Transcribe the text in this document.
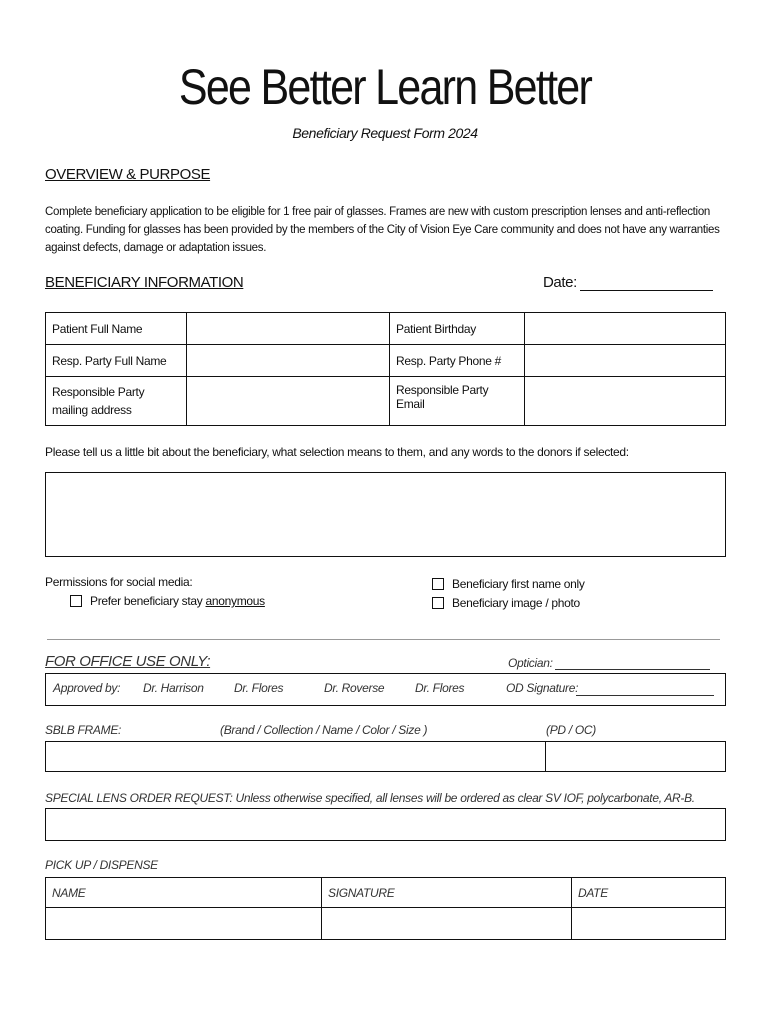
See Better Learn Better
Beneficiary Request Form 2024
OVERVIEW & PURPOSE
Complete beneficiary application to be eligible for 1 free pair of glasses. Frames are new with custom prescription lenses and anti-reflection coating. Funding for glasses has been provided by the members of the City of Vision Eye Care community and does not have any warranties against defects, damage or adaptation issues.
BENEFICIARY INFORMATION	Date:
Patient Full Name		Patient Birthday	
Resp. Party Full Name		Resp. Party Phone #	
Responsible Party mailing address		Responsible Party Email	
Please tell us a little bit about the beneficiary, what selection means to them, and any words to the donors if selected:
Permissions for social media:
Prefer beneficiary stay anonymous
Beneficiary first name only
Beneficiary image / photo
FOR OFFICE USE ONLY:	Optician:
Approved by: Dr. Harrison	Dr. Flores	Dr. Roverse	Dr. Flores	OD Signature:
SBLB FRAME:	(Brand / Collection / Name / Color / Size )	(PD / OC)

SPECIAL LENS ORDER REQUEST: Unless otherwise specified, all lenses will be ordered as clear SV IOF, polycarbonate, AR-B.
PICK UP / DISPENSE
NAME	SIGNATURE	DATE
